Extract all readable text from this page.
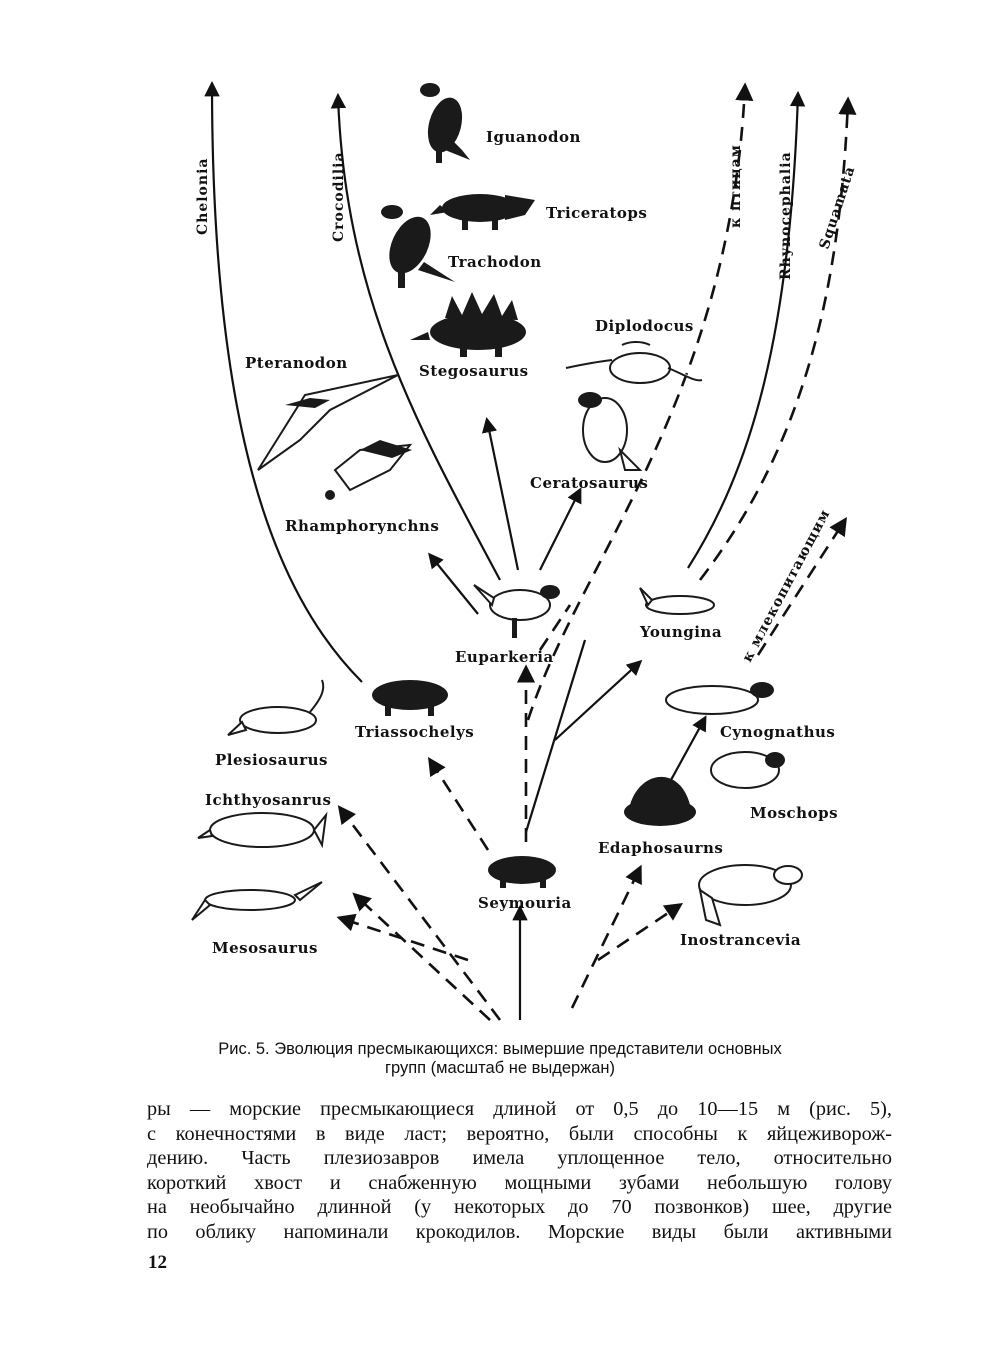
Chelonia	Crocodilia	к птицам Rhynocephalia Squamata
к млекопитающим
Iguanodon
Triceratops
Trachodon
Diplodocus
Pteranodon	Stegosaurus
Ceratosaurus
Rhamphorynchns
Youngina
Euparkeria
Triassochelys	Cynognathus
Plesiosaurus
Ichthyosanrus
Moschops
Edaphosaurns
Seymouria
Inostrancevia
Mesosaurus
Рис. 5. Эволюция пресмыкающихся: вымершие представители основных
групп (масштаб не выдержан)
ры — морские пресмыкающиеся длиной от 0,5 до 10—15 м (рис. 5),
с конечностями в виде ласт; вероятно, были способны к яйцеживорож-
дению. Часть плезиозавров имела уплощенное тело, относительно
короткий хвост и снабженную мощными зубами небольшую голову
на необычайно длинной (у некоторых до 70 позвонков) шее, другие
по облику напоминали крокодилов. Морские виды были активными
12
